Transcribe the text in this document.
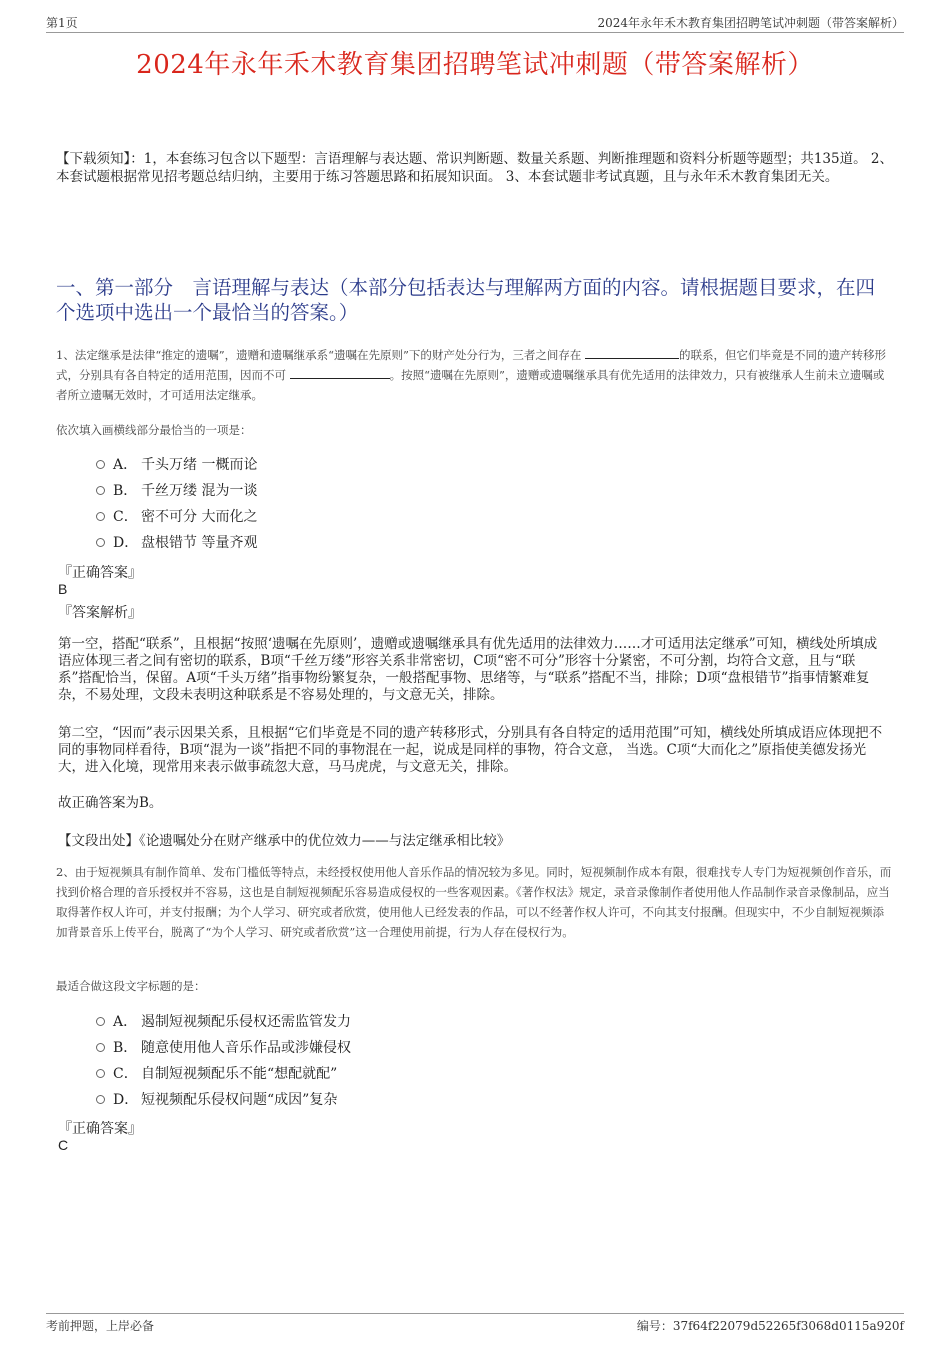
第1页	2024年永年禾木教育集团招聘笔试冲刺题（带答案解析）
2024年永年禾木教育集团招聘笔试冲刺题（带答案解析）
【下载须知】：1，本套练习包含以下题型：言语理解与表达题、常识判断题、数量关系题、判断推理题和资料分析题等题型；共135道。 2、本套试题根据常见招考题总结归纳，主要用于练习答题思路和拓展知识面。 3、本套试题非考试真题，且与永年禾木教育集团无关。
一、第一部分　言语理解与表达（本部分包括表达与理解两方面的内容。请根据题目要求，在四个选项中选出一个最恰当的答案。）
1、法定继承是法律“推定的遗嘱”，遗赠和遗嘱继承系“遗嘱在先原则”下的财产处分行为，三者之间存在	的联系，但它们毕竟是不同的遗产转移形式，分别具有各自特定的适用范围，因而不可	。按照“遗嘱在先原则”，遗赠或遗嘱继承具有优先适用的法律效力，只有被继承人生前未立遗嘱或者所立遗嘱无效时，才可适用法定继承。
依次填入画横线部分最恰当的一项是：
A． 千头万绪 一概而论
B． 千丝万缕 混为一谈
C． 密不可分 大而化之
D． 盘根错节 等量齐观
『正确答案』
B
『答案解析』
第一空，搭配“联系”，且根据“按照‘遗嘱在先原则’，遗赠或遗嘱继承具有优先适用的法律效力……才可适用法定继承”可知，横线处所填成语应体现三者之间有密切的联系，B项“千丝万缕”形容关系非常密切，C项“密不可分”形容十分紧密，不可分割，均符合文意，且与“联系”搭配恰当，保留。A项“千头万绪”指事物纷繁复杂，一般搭配事物、思绪等，与“联系”搭配不当，排除；D项“盘根错节”指事情繁难复杂，不易处理，文段未表明这种联系是不容易处理的，与文意无关，排除。
第二空，“因而”表示因果关系，且根据“它们毕竟是不同的遗产转移形式，分别具有各自特定的适用范围”可知，横线处所填成语应体现把不同的事物同样看待，B项“混为一谈”指把不同的事物混在一起，说成是同样的事物，符合文意， 当选。C项“大而化之”原指使美德发扬光大，进入化境，现常用来表示做事疏忽大意，马马虎虎，与文意无关，排除。
故正确答案为B。
【文段出处】《论遗嘱处分在财产继承中的优位效力——与法定继承相比较》
2、由于短视频具有制作简单、发布门槛低等特点，未经授权使用他人音乐作品的情况较为多见。同时，短视频制作成本有限，很难找专人专门为短视频创作音乐，而找到价格合理的音乐授权并不容易，这也是自制短视频配乐容易造成侵权的一些客观因素。《著作权法》规定，录音录像制作者使用他人作品制作录音录像制品，应当取得著作权人许可，并支付报酬；为个人学习、研究或者欣赏，使用他人已经发表的作品，可以不经著作权人许可，不向其支付报酬。但现实中，不少自制短视频添加背景音乐上传平台，脱离了“为个人学习、研究或者欣赏”这一合理使用前提，行为人存在侵权行为。
最适合做这段文字标题的是：
A． 遏制短视频配乐侵权还需监管发力
B． 随意使用他人音乐作品或涉嫌侵权
C． 自制短视频配乐不能“想配就配”
D． 短视频配乐侵权问题“成因”复杂
『正确答案』
C
考前押题，上岸必备	编号：37f64f22079d52265f3068d0115a920f
